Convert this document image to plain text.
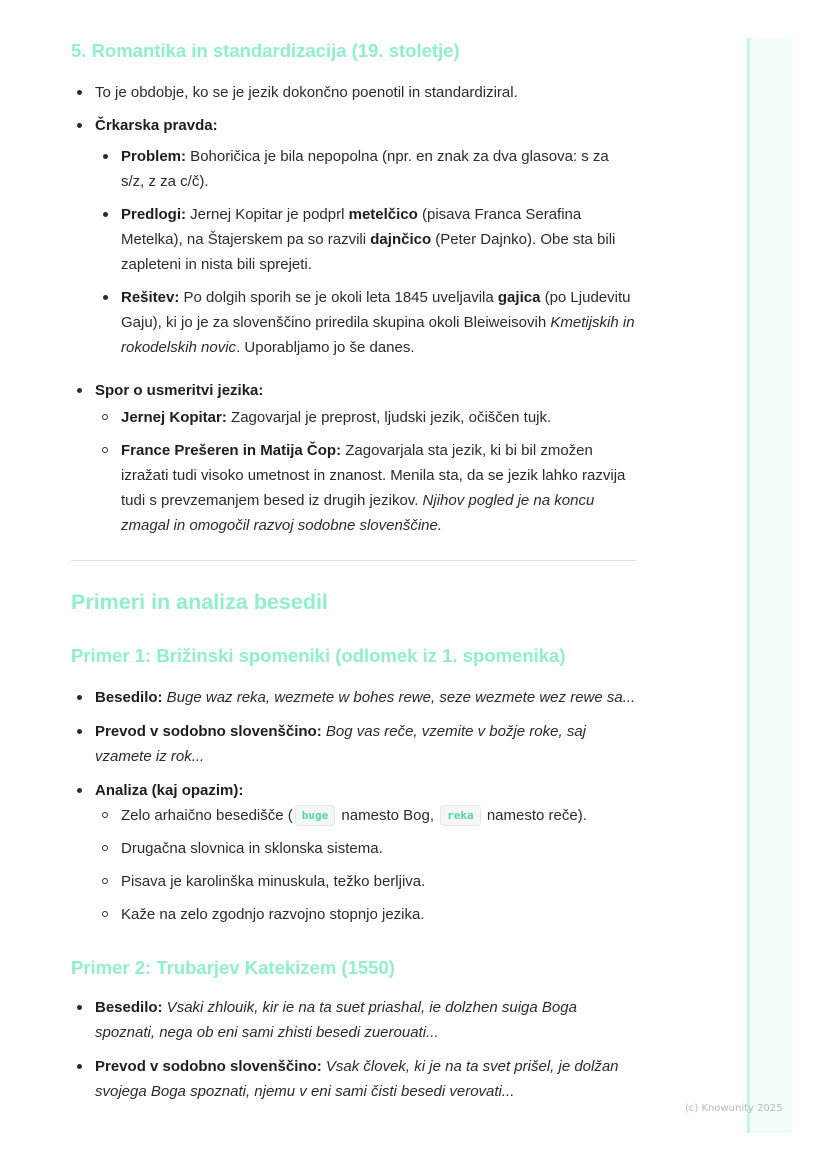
5. Romantika in standardizacija (19. stoletje)
To je obdobje, ko se je jezik dokončno poenotil in standardiziral.
Črkarska pravda:
Problem: Bohoričica je bila nepopolna (npr. en znak za dva glasova: s za s/z, z za c/č).
Predlogi: Jernej Kopitar je podprl metelčico (pisava Franca Serafina Metelka), na Štajerskem pa so razvili dajnčico (Peter Dajnko). Obe sta bili zapleteni in nista bili sprejeti.
Rešitev: Po dolgih sporih se je okoli leta 1845 uveljavila gajica (po Ljudevitu Gaju), ki jo je za slovenščino priredila skupina okoli Bleiweisovih Kmetijskih in rokodelskih novic. Uporabljamo jo še danes.
Spor o usmeritvi jezika:
Jernej Kopitar: Zagovarjal je preprost, ljudski jezik, očiščen tujk.
France Prešeren in Matija Čop: Zagovarjala sta jezik, ki bi bil zmožen izražati tudi visoko umetnost in znanost. Menila sta, da se jezik lahko razvija tudi s prevzemanjem besed iz drugih jezikov. Njihov pogled je na koncu zmagal in omogočil razvoj sodobne slovenščine.
Primeri in analiza besedil
Primer 1: Brižinski spomeniki (odlomek iz 1. spomenika)
Besedilo: Buge waz reka, wezmete w bohes rewe, seze wezmete wez rewe sa...
Prevod v sodobno slovenščino: Bog vas reče, vzemite v božje roke, saj vzamete iz rok...
Analiza (kaj opazim):
Zelo arhaično besedišče ( buge namesto Bog, reka namesto reče).
Drugačna slovnica in sklonska sistema.
Pisava je karolinška minuskula, težko berljiva.
Kaže na zelo zgodnjo razvojno stopnjo jezika.
Primer 2: Trubarjev Katekizem (1550)
Besedilo: Vsaki zhlouik, kir ie na ta suet priashal, ie dolzhen suiga Boga spoznati, nega ob eni sami zhisti besedi zuerouati...
Prevod v sodobno slovenščino: Vsak človek, ki je na ta svet prišel, je dolžan svojega Boga spoznati, njemu v eni sami čisti besedi verovati...
(c) Knowunity 2025
